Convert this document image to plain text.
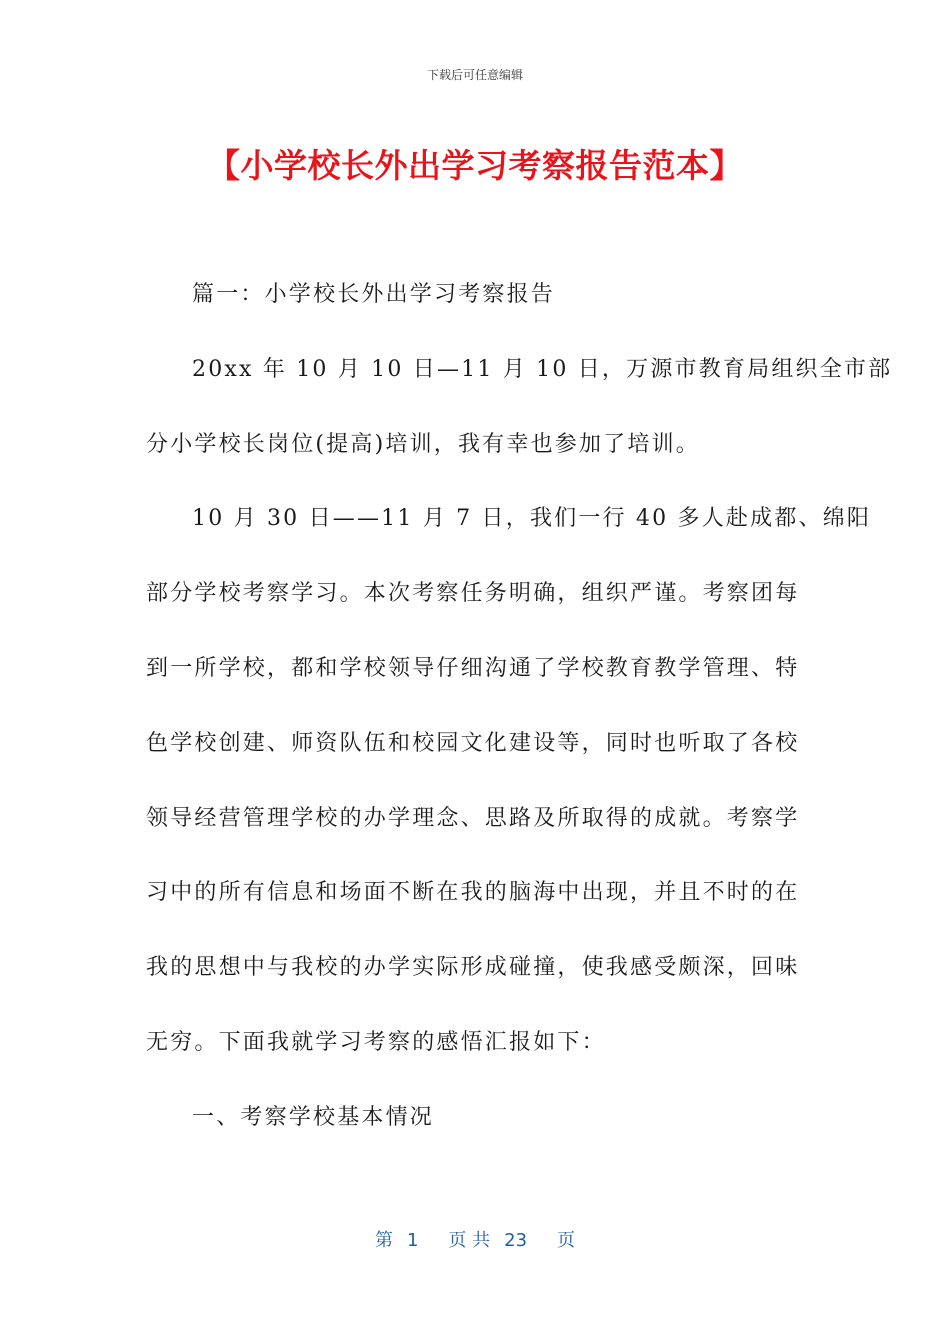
下载后可任意编辑
【小学校长外出学习考察报告范本】
篇一：小学校长外出学习考察报告
20xx 年 10 月 10 日—11 月 10 日，万源市教育局组织全市部
分小学校长岗位(提高)培训，我有幸也参加了培训。
10 月 30 日——11 月 7 日，我们一行 40 多人赴成都、绵阳
部分学校考察学习。本次考察任务明确，组织严谨。考察团每
到一所学校，都和学校领导仔细沟通了学校教育教学管理、特
色学校创建、师资队伍和校园文化建设等，同时也听取了各校
领导经营管理学校的办学理念、思路及所取得的成就。考察学
习中的所有信息和场面不断在我的脑海中出现，并且不时的在
我的思想中与我校的办学实际形成碰撞，使我感受颇深，回味
无穷。下面我就学习考察的感悟汇报如下：
一、考察学校基本情况
第 1 页 共 23 页
